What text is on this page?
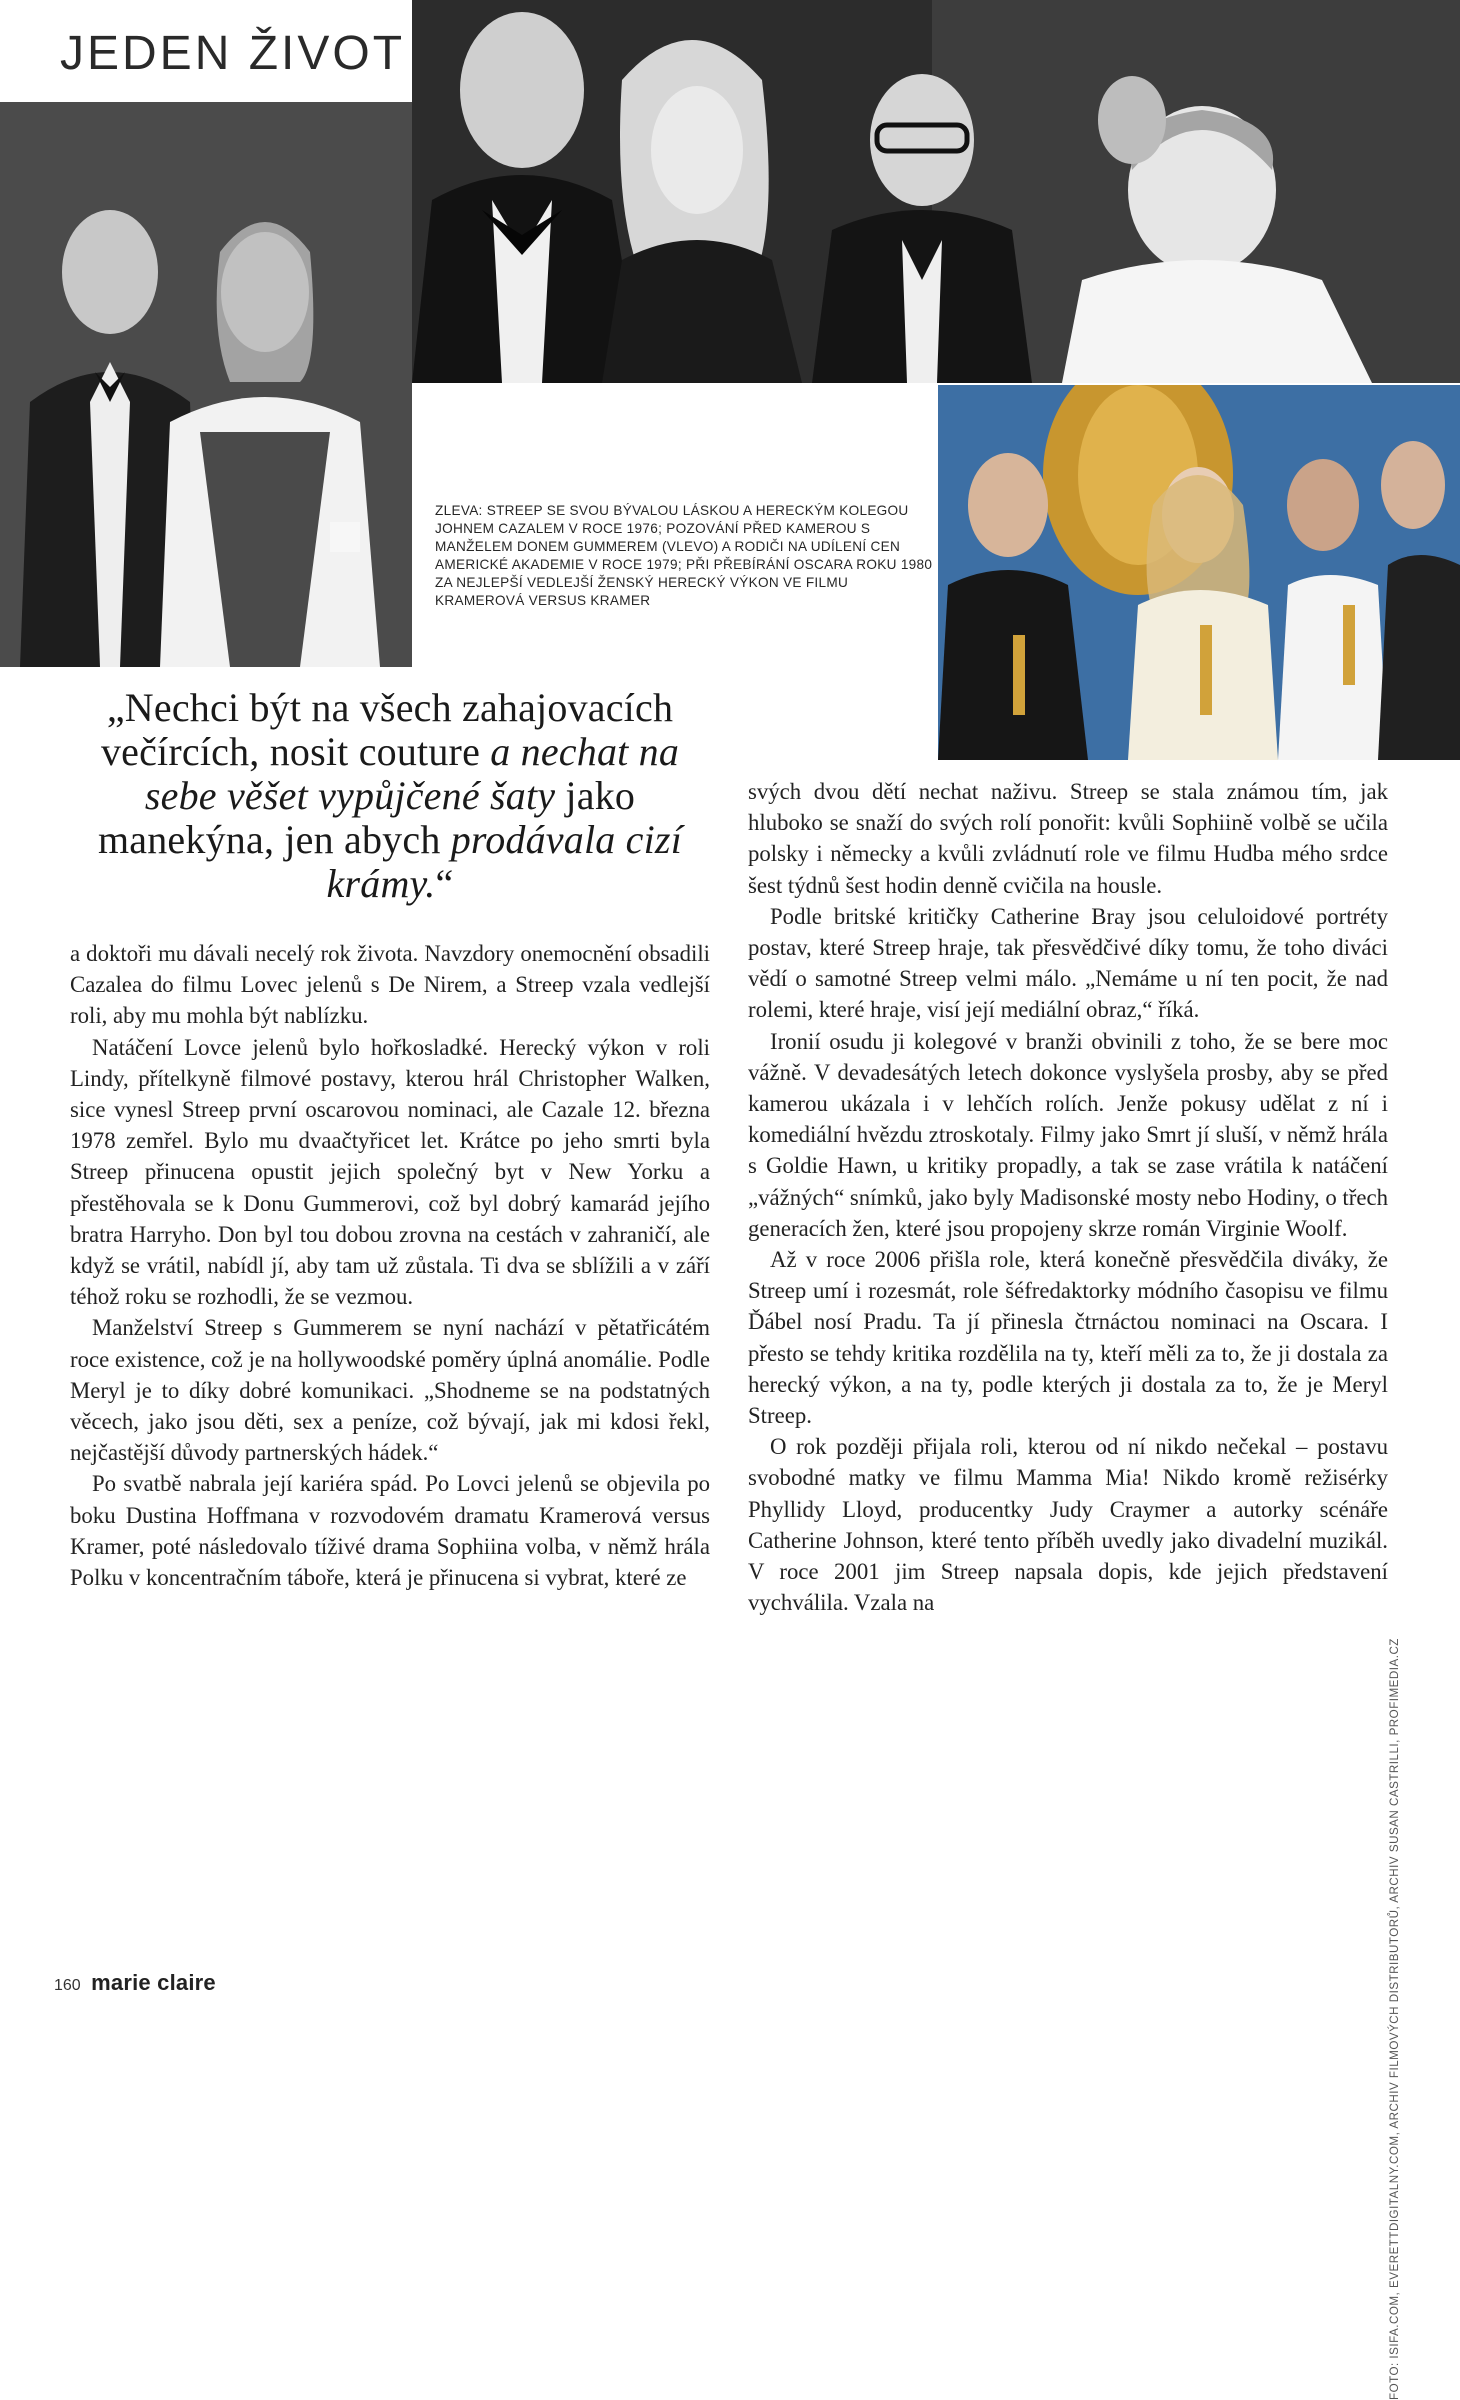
JEDEN ŽIVOT
ZLEVA: STREEP SE SVOU BÝVALOU LÁSKOU A HERECKÝM KOLEGOU JOHNEM CAZALEM V ROCE 1976; POZOVÁNÍ PŘED KAMEROU S MANŽELEM DONEM GUMMEREM (VLEVO) A RODIČI NA UDÍLENÍ CEN AMERICKÉ AKADEMIE V ROCE 1979; PŘI PŘEBÍRÁNÍ OSCARA ROKU 1980 ZA NEJLEPŠÍ VEDLEJŠÍ ŽENSKÝ HERECKÝ VÝKON VE FILMU KRAMEROVÁ VERSUS KRAMER
„Nechci být na všech zahajovacích večírcích, nosit couture a nechat na sebe věšet vypůjčené šaty jako manekýna, jen abych prodávala cizí krámy.“

a doktoři mu dávali necelý rok života. Navzdory onemocnění obsadili Cazalea do filmu Lovec jelenů s De Nirem, a Streep vzala vedlejší roli, aby mu mohla být nablízku.

Natáčení Lovce jelenů bylo hořkosladké. Herecký výkon v roli Lindy, přítelkyně filmové postavy, kterou hrál Christopher Walken, sice vynesl Streep první oscarovou nominaci, ale Cazale 12. března 1978 zemřel. Bylo mu dvaačtyřicet let. Krátce po jeho smrti byla Streep přinucena opustit jejich společný byt v New Yorku a přestěhovala se k Donu Gummerovi, což byl dobrý kamarád jejího bratra Harryho. Don byl tou dobou zrovna na cestách v zahraničí, ale když se vrátil, nabídl jí, aby tam už zůstala. Ti dva se sblížili a v září téhož roku se rozhodli, že se vezmou.

Manželství Streep s Gummerem se nyní nachází v pětatřicátém roce existence, což je na hollywoodské poměry úplná anomálie. Podle Meryl je to díky dobré komunikaci. „Shodneme se na podstatných věcech, jako jsou děti, sex a peníze, což bývají, jak mi kdosi řekl, nejčastější důvody partnerských hádek.“

Po svatbě nabrala její kariéra spád. Po Lovci jelenů se objevila po boku Dustina Hoffmana v rozvodovém dramatu Kramerová versus Kramer, poté následovalo tíživé drama Sophiina volba, v němž hrála Polku v koncentračním táboře, která je přinucena si vybrat, které ze

svých dvou dětí nechat naživu. Streep se stala známou tím, jak hluboko se snaží do svých rolí ponořit: kvůli Sophiině volbě se učila polsky i německy a kvůli zvládnutí role ve filmu Hudba mého srdce šest týdnů šest hodin denně cvičila na housle.

Podle britské kritičky Catherine Bray jsou celuloidové portréty postav, které Streep hraje, tak přesvědčivé díky tomu, že toho diváci vědí o samotné Streep velmi málo. „Nemáme u ní ten pocit, že nad rolemi, které hraje, visí její mediální obraz,“ říká.

Ironií osudu ji kolegové v branži obvinili z toho, že se bere moc vážně. V devadesátých letech dokonce vyslyšela prosby, aby se před kamerou ukázala i v lehčích rolích. Jenže pokusy udělat z ní i komediální hvězdu ztroskotaly. Filmy jako Smrt jí sluší, v němž hrála s Goldie Hawn, u kritiky propadly, a tak se zase vrátila k natáčení „vážných“ snímků, jako byly Madisonské mosty nebo Hodiny, o třech generacích žen, které jsou propojeny skrze román Virginie Woolf.

Až v roce 2006 přišla role, která konečně přesvědčila diváky, že Streep umí i rozesmát, role šéfredaktorky módního časopisu ve filmu Ďábel nosí Pradu. Ta jí přinesla čtrnáctou nominaci na Oscara. I přesto se tehdy kritika rozdělila na ty, kteří měli za to, že ji dostala za herecký výkon, a na ty, podle kterých ji dostala za to, že je Meryl Streep.

O rok později přijala roli, kterou od ní nikdo nečekal – postavu svobodné matky ve filmu Mamma Mia! Nikdo kromě režisérky Phyllidy Lloyd, producentky Judy Craymer a autorky scénáře Catherine Johnson, které tento příběh uvedly jako divadelní muzikál. V roce 2001 jim Streep napsala dopis, kde jejich představení vychválila. Vzala na

FOTO: ISIFA.COM, EVERETTDIGITALNY.COM, ARCHIV FILMOVÝCH DISTRIBUTORŮ, ARCHIV SUSAN CASTRILLI, PROFIMEDIA.CZ
160 marie claire
